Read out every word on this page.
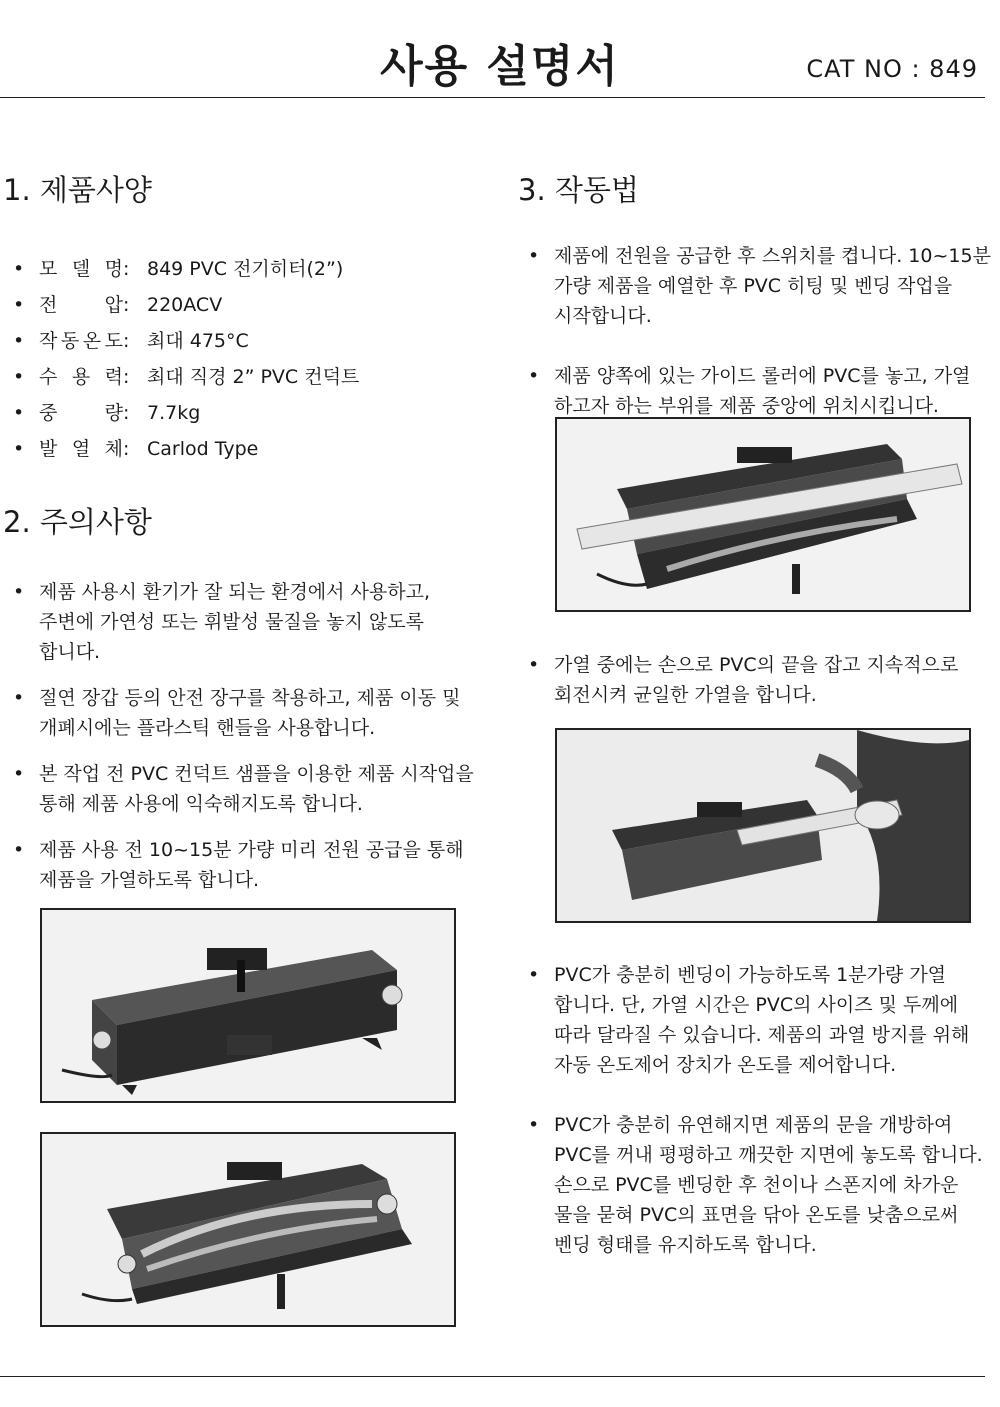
사용 설명서	CAT NO : 849
1. 제품사양
• 모 델 명 : 849 PVC 전기히터(2”)
• 전 압 : 220ACV
• 작 동 온 도 : 최대 475°C
• 수 용 력 : 최대 직경 2” PVC 컨덕트
• 중 량 : 7.7kg
• 발 열 체 : Carlod Type
2. 주의사항
• 제품 사용시 환기가 잘 되는 환경에서 사용하고,
주변에 가연성 또는 휘발성 물질을 놓지 않도록
합니다.
• 절연 장갑 등의 안전 장구를 착용하고, 제품 이동 및
개폐시에는 플라스틱 핸들을 사용합니다.
• 본 작업 전 PVC 컨덕트 샘플을 이용한 제품 시작업을
통해 제품 사용에 익숙해지도록 합니다.
• 제품 사용 전 10~15분 가량 미리 전원 공급을 통해
제품을 가열하도록 합니다.
3. 작동법
• 제품에 전원을 공급한 후 스위치를 켭니다. 10~15분
가량 제품을 예열한 후 PVC 히팅 및 벤딩 작업을
시작합니다.
• 제품 양쪽에 있는 가이드 롤러에 PVC를 놓고, 가열
하고자 하는 부위를 제품 중앙에 위치시킵니다.
• 가열 중에는 손으로 PVC의 끝을 잡고 지속적으로
회전시켜 균일한 가열을 합니다.
• PVC가 충분히 벤딩이 가능하도록 1분가량 가열
합니다. 단, 가열 시간은 PVC의 사이즈 및 두께에
따라 달라질 수 있습니다. 제품의 과열 방지를 위해
자동 온도제어 장치가 온도를 제어합니다.
• PVC가 충분히 유연해지면 제품의 문을 개방하여
PVC를 꺼내 평평하고 깨끗한 지면에 놓도록 합니다.
손으로 PVC를 벤딩한 후 천이나 스폰지에 차가운
물을 묻혀 PVC의 표면을 닦아 온도를 낮춤으로써
벤딩 형태를 유지하도록 합니다.
